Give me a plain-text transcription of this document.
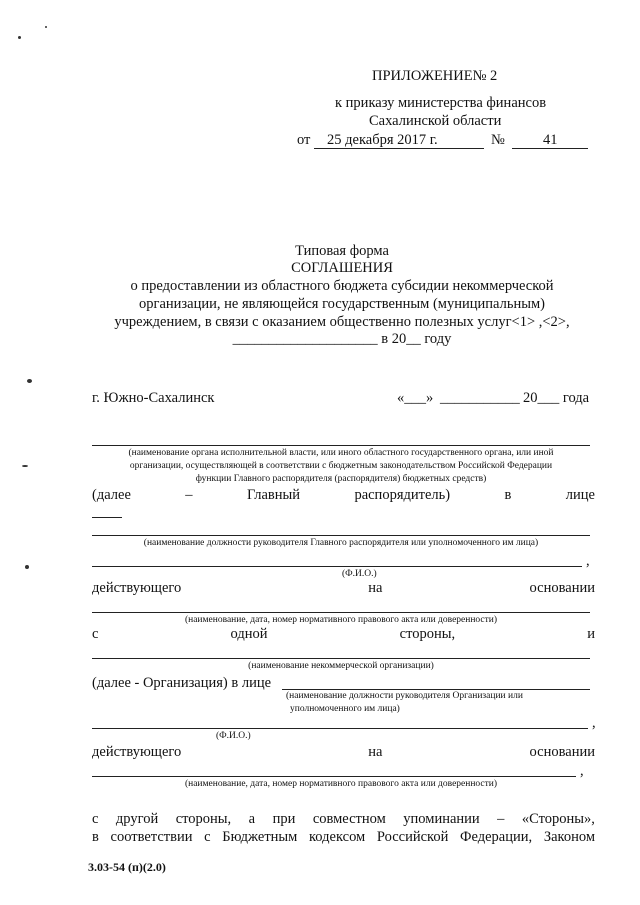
ПРИЛОЖЕНИЕ№ 2
к приказу министерства финансов
Сахалинской области
от 25 декабря 2017 г.	№	41
Типовая форма
СОГЛАШЕНИЯ
о предоставлении из областного бюджета субсидии некоммерческой
организации, не являющейся государственным (муниципальным)
учреждением, в связи с оказанием общественно полезных услуг<1> ,<2>,
____________________ в 20__ году
г. Южно-Сахалинск	«___» ___________ 20___ года
(наименование органа исполнительной власти, или иного областного государственного органа, или иной
организации, осуществляющей в соответствии с бюджетным законодательством Российской Федерации
функции Главного распорядителя (распорядителя) бюджетных средств)
(далее	–	Главный	распорядитель)	в	лице
(наименование должности руководителя Главного распорядителя или уполномоченного им лица)
,
(Ф.И.О.)
действующего	на	основании
(наименование, дата, номер нормативного правового акта или доверенности)
с	одной	стороны,	и
(наименование некоммерческой организации)
(далее - Организация) в лице
(наименование должности руководителя Организации или
уполномоченного им лица)
,
(Ф.И.О.)
действующего	на	основании
,
(наименование, дата, номер нормативного правового акта или доверенности)
с другой стороны, а при совместном упоминании – «Стороны»,
в соответствии с Бюджетным кодексом Российской Федерации, Законом
3.03-54 (п)(2.0)
